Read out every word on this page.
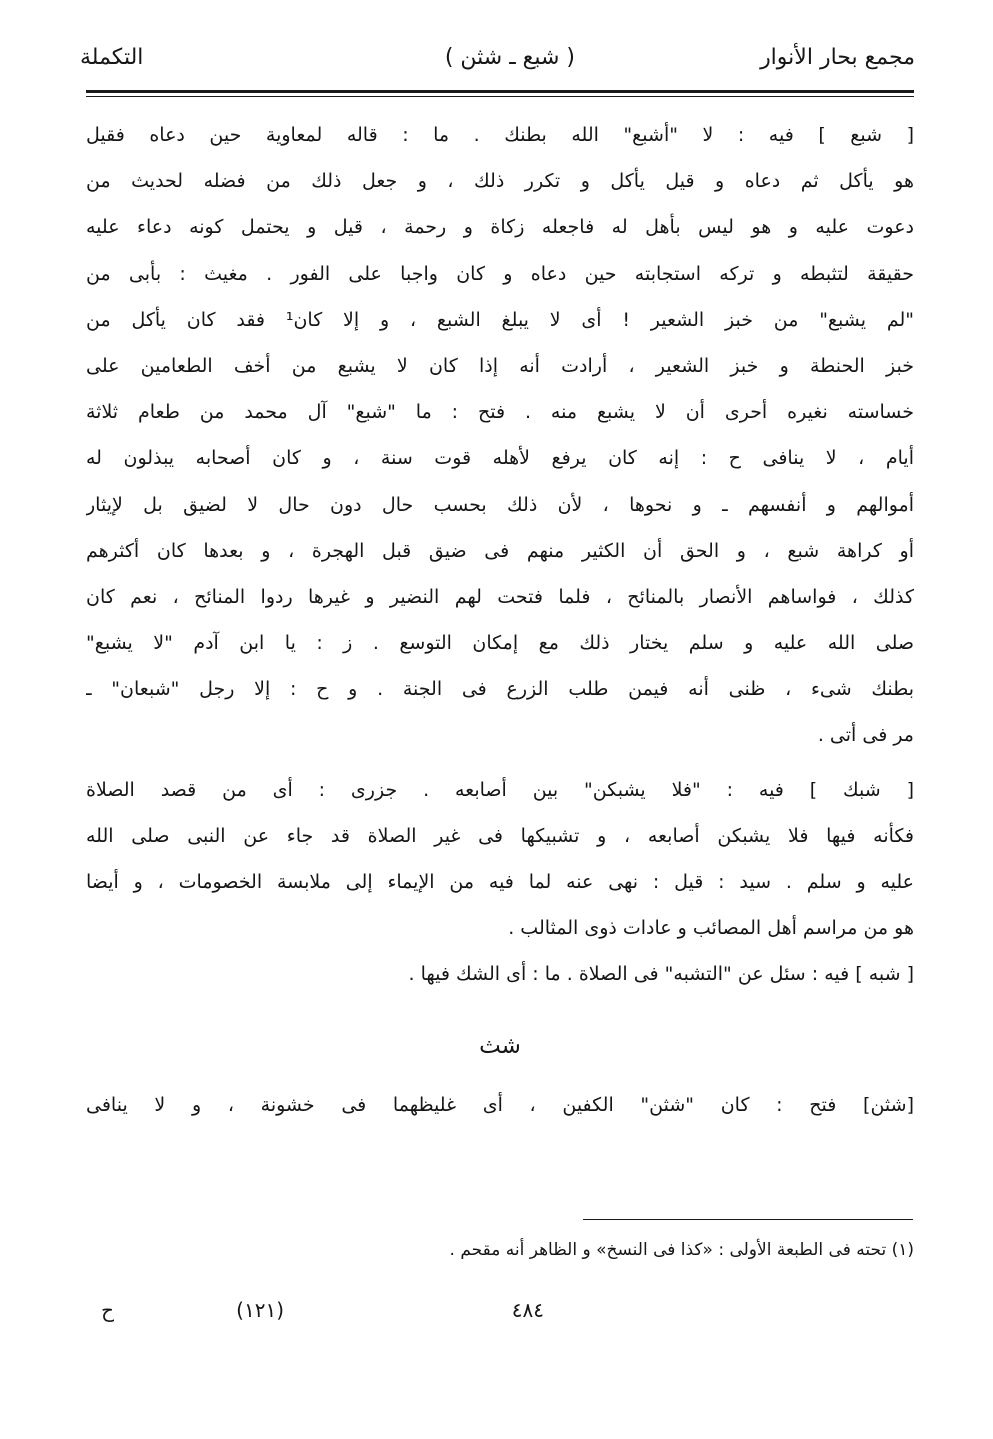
مجمع بحار الأنوار
( شبع ـ شثن )
التكملة
[ شبع ] فيه : لا "أشبع" الله بطنك . ما : قاله لمعاوية حين دعاه فقيل
هو يأكل ثم دعاه و قيل يأكل و تكرر ذلك ، و جعل ذلك من فضله لحديث من
دعوت عليه و هو ليس بأهل له فاجعله زكاة و رحمة ، قيل و يحتمل كونه دعاء عليه
حقيقة لتثبطه و تركه استجابته حين دعاه و كان واجبا على الفور . مغيث : بأبى من
"لم يشبع" من خبز الشعير ! أى لا يبلغ الشبع ، و إلا كان¹ فقد كان يأكل من
خبز الحنطة و خبز الشعير ، أرادت أنه إذا كان لا يشبع من أخف الطعامين على
خساسته نغيره أحرى أن لا يشبع منه . فتح : ما "شبع" آل محمد من طعام ثلاثة
أيام ، لا ينافى ح : إنه كان يرفع لأهله قوت سنة ، و كان أصحابه يبذلون له
أموالهم و أنفسهم ـ و نحوها ، لأن ذلك بحسب حال دون حال لا لضيق بل لإيثار
أو كراهة شبع ، و الحق أن الكثير منهم فى ضيق قبل الهجرة ، و بعدها كان أكثرهم
كذلك ، فواساهم الأنصار بالمنائح ، فلما فتحت لهم النضير و غيرها ردوا المنائح ، نعم كان
صلى الله عليه و سلم يختار ذلك مع إمكان التوسع . ز : يا ابن آدم "لا يشبع"
بطنك شىء ، ظنى أنه فيمن طلب الزرع فى الجنة . و ح : إلا رجل "شبعان" ـ
مر فى أتى .
[ شبك ] فيه : "فلا يشبكن" بين أصابعه . جزرى : أى من قصد الصلاة
فكأنه فيها فلا يشبكن أصابعه ، و تشبيكها فى غير الصلاة قد جاء عن النبى صلى الله
عليه و سلم . سيد : قيل : نهى عنه لما فيه من الإيماء إلى ملابسة الخصومات ، و أيضا
هو من مراسم أهل المصائب و عادات ذوى المثالب .
[ شبه ] فيه : سئل عن "التشبه" فى الصلاة . ما : أى الشك فيها .
شث
[شثن] فتح : كان "شثن" الكفين ، أى غليظهما فى خشونة ، و لا ينافى
(١) تحته فى الطبعة الأولى : «كذا فى النسخ» و الظاهر أنه مقحم .
٤٨٤
(١٢١)
ح
